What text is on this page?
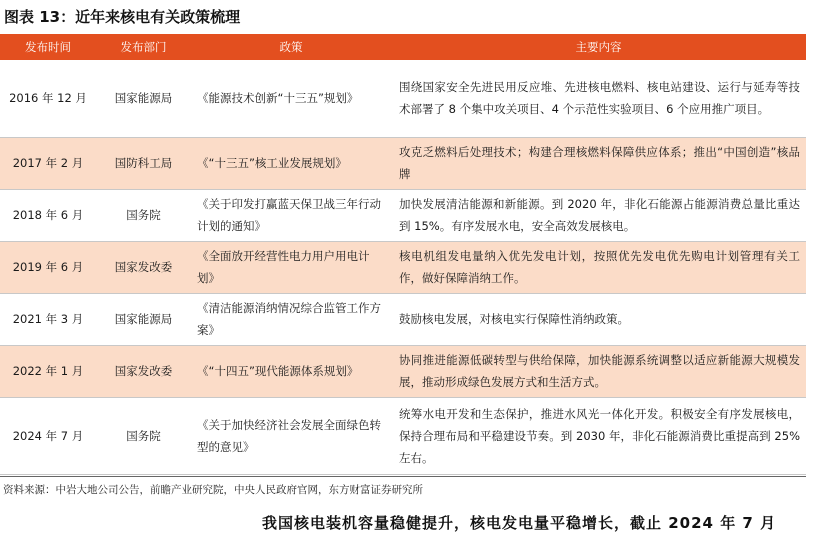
图表 13：近年来核电有关政策梳理
发布时间	发布部门	政策	主要内容
2016 年 12 月	国家能源局	《能源技术创新“十三五”规划》	围绕国家安全先进民用反应堆、先进核电燃料、核电站建设、运行与延寿等技术部署了 8 个集中攻关项目、4 个示范性实验项目、6 个应用推广项目。
2017 年 2 月	国防科工局	《“十三五”核工业发展规划》	攻克乏燃料后处理技术；构建合理核燃料保障供应体系；推出“中国创造”核品牌
2018 年 6 月	国务院	《关于印发打赢蓝天保卫战三年行动计划的通知》	加快发展清洁能源和新能源。到 2020 年，非化石能源占能源消费总量比重达到 15%。有序发展水电，安全高效发展核电。
2019 年 6 月	国家发改委	《全面放开经营性电力用户用电计划》	核电机组发电量纳入优先发电计划，按照优先发电优先购电计划管理有关工作，做好保障消纳工作。
2021 年 3 月	国家能源局	《清洁能源消纳情况综合监管工作方案》	鼓励核电发展，对核电实行保障性消纳政策。
2022 年 1 月	国家发改委	《“十四五”现代能源体系规划》	协同推进能源低碳转型与供给保障，加快能源系统调整以适应新能源大规模发展，推动形成绿色发展方式和生活方式。
2024 年 7 月	国务院	《关于加快经济社会发展全面绿色转型的意见》	统筹水电开发和生态保护，推进水风光一体化开发。积极安全有序发展核电，保持合理布局和平稳建设节奏。到 2030 年，非化石能源消费比重提高到 25%左右。
资料来源：中岩大地公司公告，前瞻产业研究院，中央人民政府官网，东方财富证券研究所
我国核电装机容量稳健提升，核电发电量平稳增长，截止 2024 年 7 月
